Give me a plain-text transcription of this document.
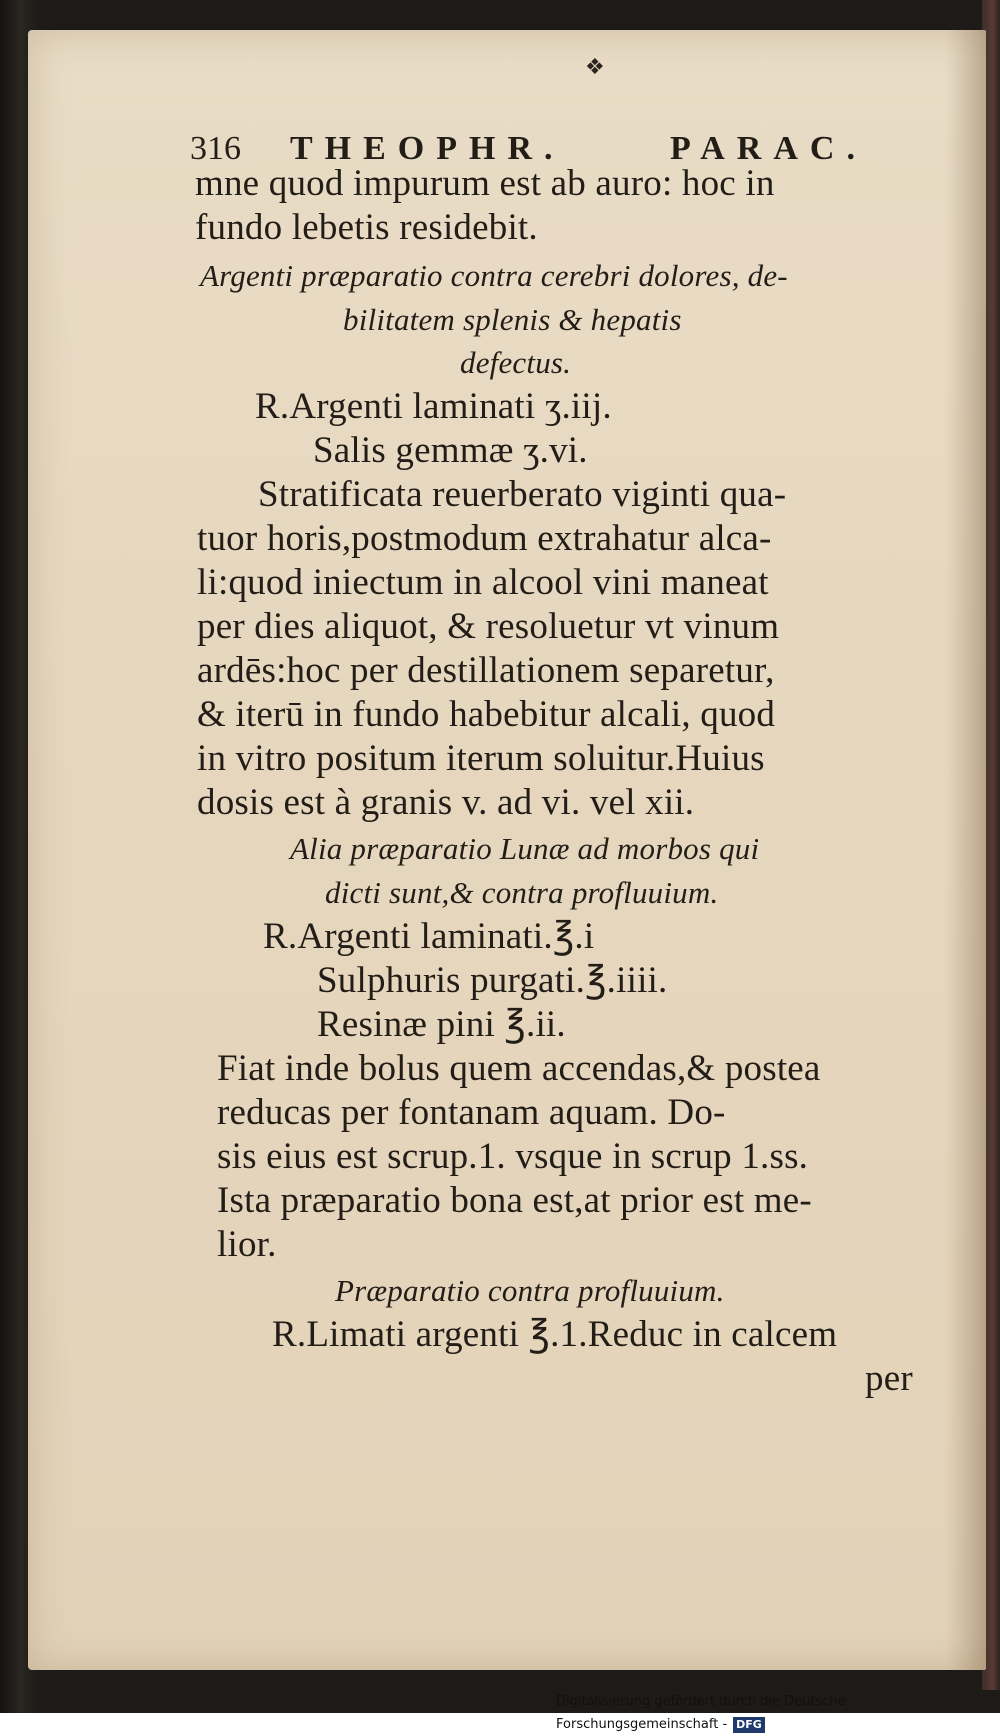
❖
316 THEOPHR.	PARAC.
mne quod impurum est ab auro: hoc in
fundo lebetis residebit.
Argenti præparatio contra cerebri dolores, de-
bilitatem splenis & hepatis
defectus.
R.Argenti laminati ʒ.iij.
Salis gemmæ ʒ.vi.
Stratificata reuerberato viginti qua-
tuor horis,postmodum extrahatur alca-
li:quod iniectum in alcool vini maneat
per dies aliquot, & resoluetur vt vinum
ardēs:hoc per destillationem separetur,
& iterū in fundo habebitur alcali, quod
in vitro positum iterum soluitur.Huius
dosis est à granis v. ad vi. vel xii.
Alia præparatio Lunæ ad morbos qui
dicti sunt,& contra profluuium.
R.Argenti laminati.℥.i
Sulphuris purgati.℥.iiii.
Resinæ pini ℥.ii.
Fiat inde bolus quem accendas,& postea
reducas per fontanam aquam. Do-
sis eius est scrup.1. vsque in scrup 1.ss.
Ista præparatio bona est,at prior est me-
lior.
Præparatio contra profluuium.
R.Limati argenti ℥.1.Reduc in calcem
per
Digitalisierung gefördert durch die Deutsche Forschungsgemeinschaft - DFG
